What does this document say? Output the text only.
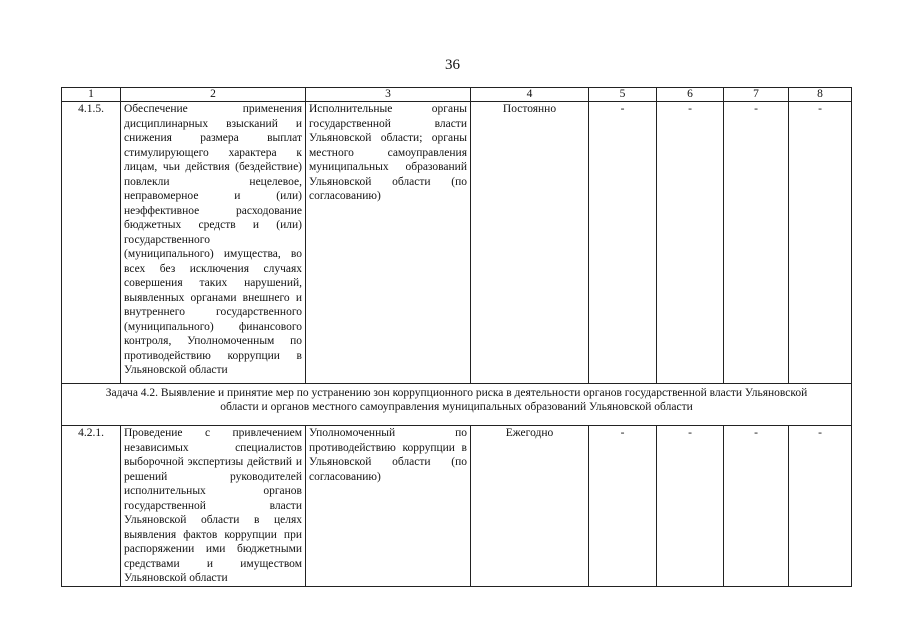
36
1	2	3	4	5	6	7	8
4.1.5.	Обеспечение применения дисциплинарных взысканий и снижения размера выплат стимулирующего характера к лицам, чьи действия (бездействие) повлекли нецелевое, неправомерное и (или) неэффективное расходование бюджетных средств и (или) государственного (муниципального) имущества, во всех без исключения случаях совершения таких нарушений, выявленных органами внешнего и внутреннего государственного (муниципального) финансового контроля, Уполномоченным по противодействию коррупции в Ульяновской области	Исполнительные органы государственной власти Ульяновской области; органы местного самоуправления муниципальных образований Ульяновской области (по согласованию)	Постоянно	-	-	-	-
Задача 4.2. Выявление и принятие мер по устранению зон коррупционного риска в деятельности органов государственной власти Ульяновской области и органов местного самоуправления муниципальных образований Ульяновской области							
4.2.1.	Проведение с привлечением независимых специалистов выборочной экспертизы действий и решений руководителей исполнительных органов государственной власти Ульяновской области в целях выявления фактов коррупции при распоряжении ими бюджетными средствами и имуществом Ульяновской области	Уполномоченный по противодействию коррупции в Ульяновской области (по согласованию)	Ежегодно	-	-	-	-
